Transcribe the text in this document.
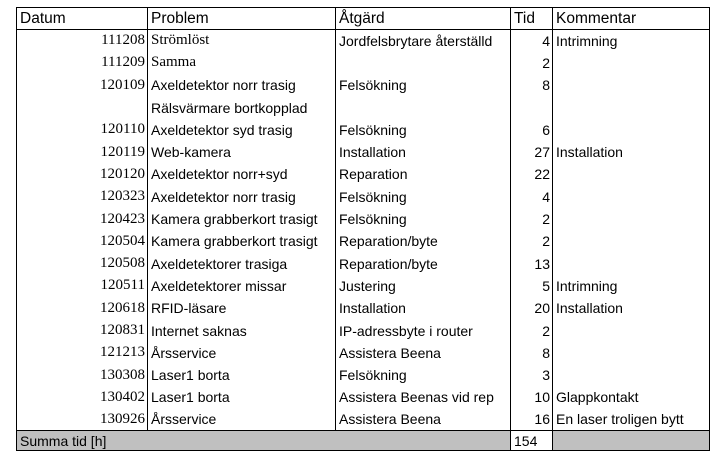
Datum	Problem	Åtgärd	Tid	Kommentar
111208	Strömlöst	Jordfelsbrytare återställd	4	Intrimning
111209	Samma		2	
120109	Axeldetektor norr trasig	Felsökning	8	
	Rälsvärmare bortkopplad			
120110	Axeldetektor syd trasig	Felsökning	6	
120119	Web-kamera	Installation	27	Installation
120120	Axeldetektor norr+syd	Reparation	22	
120323	Axeldetektor norr trasig	Felsökning	4	
120423	Kamera grabberkort trasigt	Felsökning	2	
120504	Kamera grabberkort trasigt	Reparation/byte	2	
120508	Axeldetektorer trasiga	Reparation/byte	13	
120511	Axeldetektorer missar	Justering	5	Intrimning
120618	RFID-läsare	Installation	20	Installation
120831	Internet saknas	IP-adressbyte i router	2	
121213	Årsservice	Assistera Beena	8	
130308	Laser1 borta	Felsökning	3	
130402	Laser1 borta	Assistera Beenas vid rep	10	Glappkontakt
130926	Årsservice	Assistera Beena	16	En laser troligen bytt
Summa tid [h]			154	
